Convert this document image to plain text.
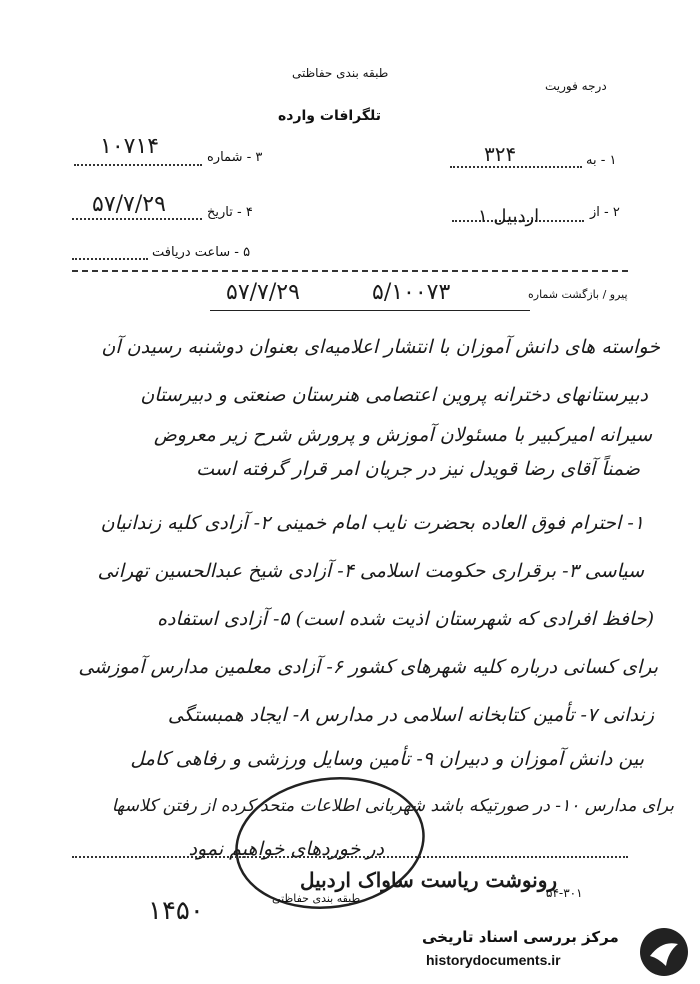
طبقه بندی حفاظتی
درجه فوریت
تلگرافات وارده
۱ - به
۳۲۴
۲ - از
اردبیل ۱
۳ - شماره
۱۰۷۱۴
۴ - تاریخ
۵۷/۷/۲۹
۵ - ساعت دریافت
پیرو / بازگشت شماره
۵/۱۰۰۷۳
۵۷/۷/۲۹
خواسته های دانش آموزان با انتشار اعلامیه‌ای بعنوان دوشنبه رسیدن آن
دبیرستانهای دخترانه پروین اعتصامی هنرستان صنعتی و دبیرستان
سیرانه امیرکبیر با مسئولان آموزش و پرورش شرح زیر معروض
ضمناً آقای رضا قویدل نیز در جریان امر قرار گرفته است
۱- احترام فوق العاده بحضرت نایب امام خمینی ۲- آزادی کلیه زندانیان
سیاسی ۳- برقراری حکومت اسلامی ۴- آزادی شیخ عبدالحسین تهرانی
(حافظ افرادی که شهرستان اذیت شده است) ۵- آزادی استفاده
برای کسانی درباره کلیه شهرهای کشور ۶- آزادی معلمین مدارس آموزشی
زندانی ۷- تأمین کتابخانه اسلامی در مدارس ۸- ایجاد همبستگی
بین دانش آموزان و دبیران ۹- تأمین وسایل ورزشی و رفاهی کامل
برای مدارس ۱۰- در صورتیکه باشد شهربانی اطلاعات متحد کرده از رفتن کلاسها
در خوردهای خواهیم نمود
رونوشت ریاست ساواک اردبیل
طبقه بندی حفاظتی	۵۴-۳۰۱
۱۴۵۰
مرکز بررسی اسناد تاریخی
historydocuments.ir
